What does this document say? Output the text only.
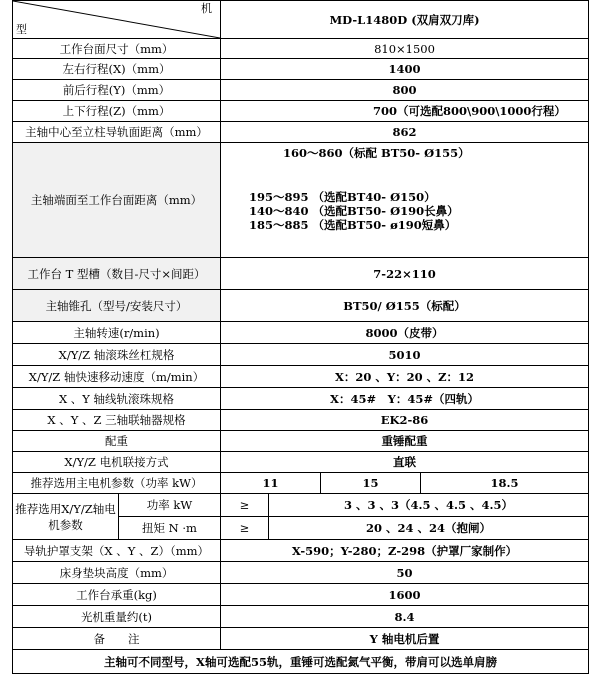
机
型		MD-L1480D (双肩双刀库)			
工作台面尺寸（mm）		810×1500			
左右行程(X)（mm）		1400			
前后行程(Y)（mm）		800			
上下行程(Z)（mm）		700（可选配800\900\1000行程）			
主轴中心至立柱导轨面距离（mm）		862			
主轴端面至工作台面距离（mm）		160～860（标配 BT50- Ø155）
195～895 （选配BT40- Ø150）
140～840 （选配BT50- Ø190长鼻）
185～885 （选配BT50- ø190短鼻）			

工作台 T 型槽（数目-尺寸×间距）		7-22×110			
主轴锥孔（型号/安装尺寸）		BT50/ Ø155（标配）			
主轴转速(r/min)		8000（皮带）			
X/Y/Z 轴滚珠丝杠规格		5010			
X/Y/Z 轴快速移动速度（m/min）		X：20 、Y：20 、Z：12			
X 、Y 轴线轨滚珠规格		X：45#　Y：45#（四轨）			
X 、Y 、Z 三轴联轴器规格		EK2-86			
配重		重锤配重			
X/Y/Z 电机联接方式		直联			
推荐选用主电机参数（功率 kW）		11		15	18.5
推荐选用X/Y/Z轴电机参数	功率 kW	≥	3 、3 、3（4.5 、4.5 、4.5）		
	扭矩 N ·m	≥	20 、24 、24（抱闸）		
导轨护罩支架（X 、Y 、Z）（mm）		X-590；Y-280；Z-298（护罩厂家制作）			
床身垫块高度（mm）		50			
工作台承重(kg)		1600			
光机重量约(t)		8.4			
备　　注		Y 轴电机后置			
主轴可不同型号，X轴可选配55轨，重锤可选配氮气平衡，带肩可以选单肩膀					
